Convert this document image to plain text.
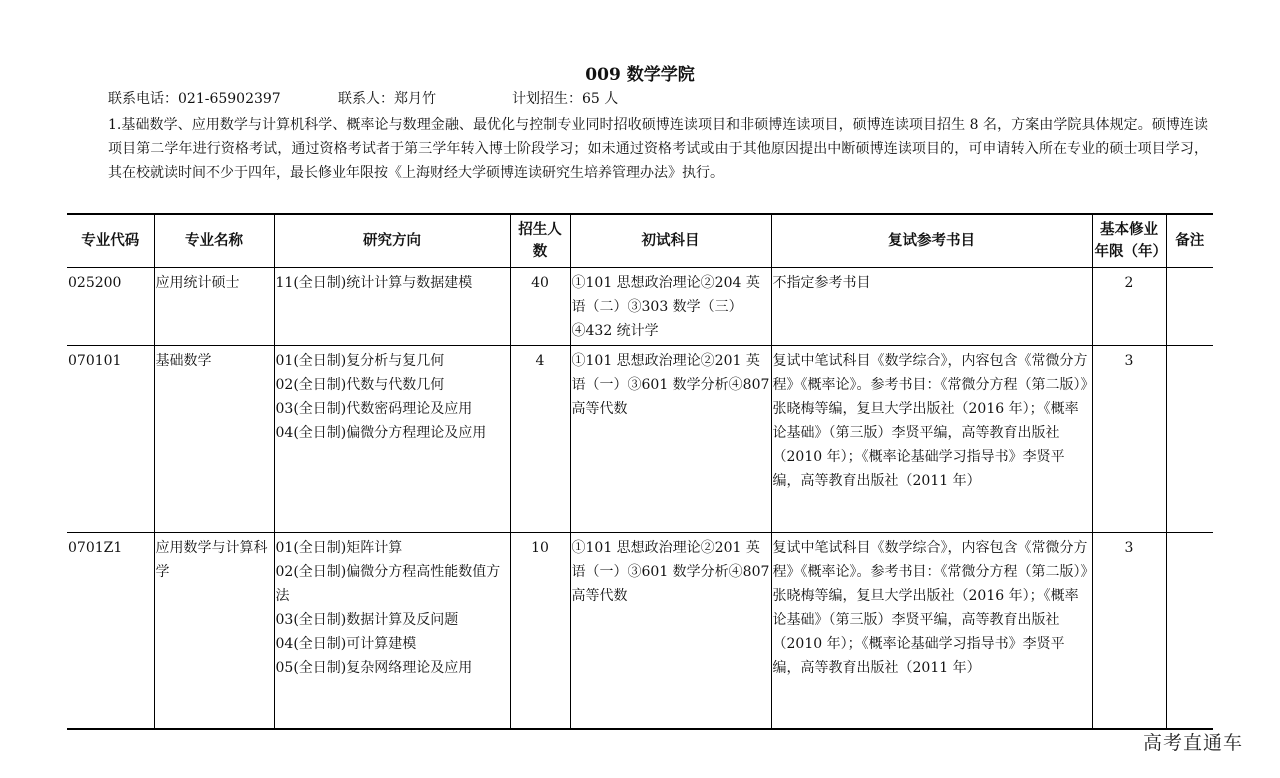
009 数学学院
联系电话：021-65902397	联系人：郑月竹	计划招生：65 人
1.基础数学、应用数学与计算机科学、概率论与数理金融、最优化与控制专业同时招收硕博连读项目和非硕博连读项目，硕博连读项目招生 8 名，方案由学院具体规定。硕博连读项目第二学年进行资格考试，通过资格考试者于第三学年转入博士阶段学习；如未通过资格考试或由于其他原因提出中断硕博连读项目的，可申请转入所在专业的硕士项目学习，其在校就读时间不少于四年，最长修业年限按《上海财经大学硕博连读研究生培养管理办法》执行。
专业代码	专业名称	研究方向	招生人数	初试科目	复试参考书目	基本修业年限（年）	备注
025200	应用统计硕士	11(全日制)统计计算与数据建模	40	①101 思想政治理论②204 英语（二）③303 数学（三）④432 统计学	不指定参考书目	2	
070101	基础数学	01(全日制)复分析与复几何
02(全日制)代数与代数几何
03(全日制)代数密码理论及应用
04(全日制)偏微分方程理论及应用	4	①101 思想政治理论②201 英语（一）③601 数学分析④807 高等代数	复试中笔试科目《数学综合》，内容包含《常微分方程》《概率论》。参考书目：《常微分方程（第二版）》张晓梅等编，复旦大学出版社（2016 年）；《概率论基础》（第三版）李贤平编，高等教育出版社（2010 年）；《概率论基础学习指导书》李贤平编，高等教育出版社（2011 年）	3	
0701Z1	应用数学与计算科学	01(全日制)矩阵计算
02(全日制)偏微分方程高性能数值方法
03(全日制)数据计算及反问题
04(全日制)可计算建模
05(全日制)复杂网络理论及应用	10	①101 思想政治理论②201 英语（一）③601 数学分析④807 高等代数	复试中笔试科目《数学综合》，内容包含《常微分方程》《概率论》。参考书目：《常微分方程（第二版）》张晓梅等编，复旦大学出版社（2016 年）；《概率论基础》（第三版）李贤平编，高等教育出版社（2010 年）；《概率论基础学习指导书》李贤平编，高等教育出版社（2011 年）	3	
高考直通车
